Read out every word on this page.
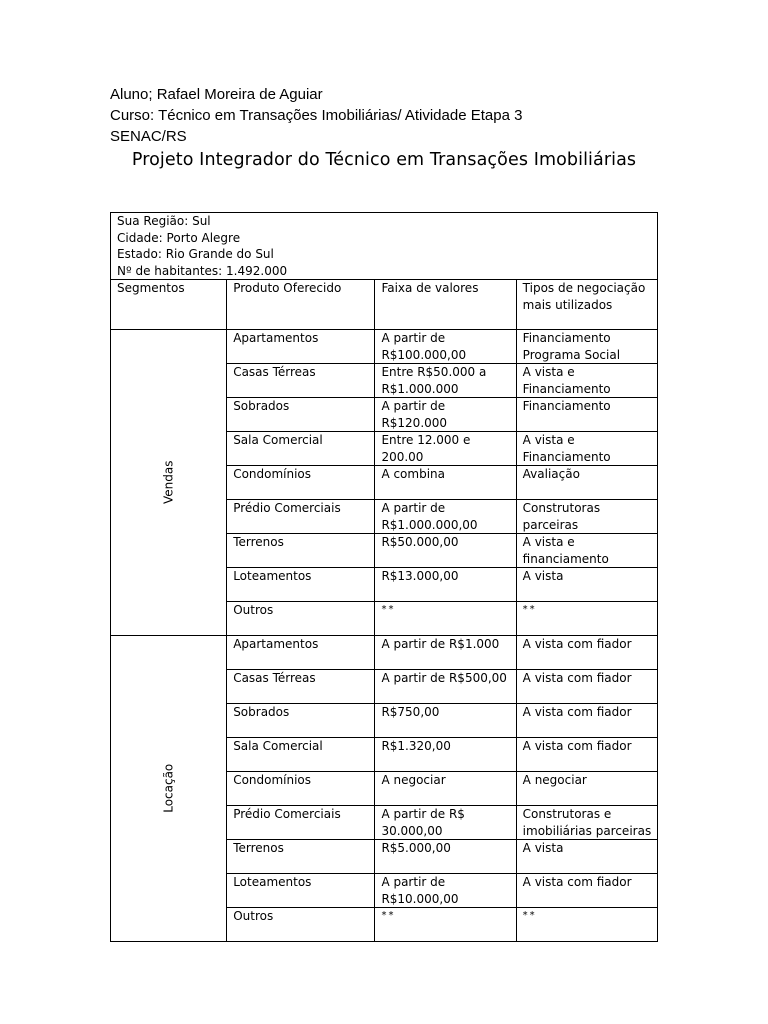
Aluno; Rafael Moreira de Aguiar
Curso: Técnico em Transações Imobiliárias/ Atividade Etapa 3
SENAC/RS
Projeto Integrador do Técnico em Transações Imobiliárias
Sua Região: Sul
Cidade: Porto Alegre
Estado: Rio Grande do Sul
Nº de habitantes: 1.492.000			

Segmentos	Produto Oferecido	Faixa de valores	Tipos de negociação mais utilizados
Vendas	Apartamentos	A partir de R$100.000,00	Financiamento Programa Social
	Casas Térreas	Entre R$50.000 a R$1.000.000	A vista e Financiamento
	Sobrados	A partir de R$120.000	Financiamento
	Sala Comercial	Entre 12.000 e 200.00	A vista e Financiamento
	Condomínios	A combina	Avaliação
	Prédio Comerciais	A partir de R$1.000.000,00	Construtoras parceiras
	Terrenos	R$50.000,00	A vista e financiamento
	Loteamentos	R$13.000,00	A vista
	Outros	**	**
Locação	Apartamentos	A partir de R$1.000	A vista com fiador
	Casas Térreas	A partir de R$500,00	A vista com fiador
	Sobrados	R$750,00	A vista com fiador
	Sala Comercial	R$1.320,00	A vista com fiador
	Condomínios	A negociar	A negociar
	Prédio Comerciais	A partir de R$ 30.000,00	Construtoras e imobiliárias parceiras
	Terrenos	R$5.000,00	A vista
	Loteamentos	A partir de R$10.000,00	A vista com fiador
	Outros	**	**
